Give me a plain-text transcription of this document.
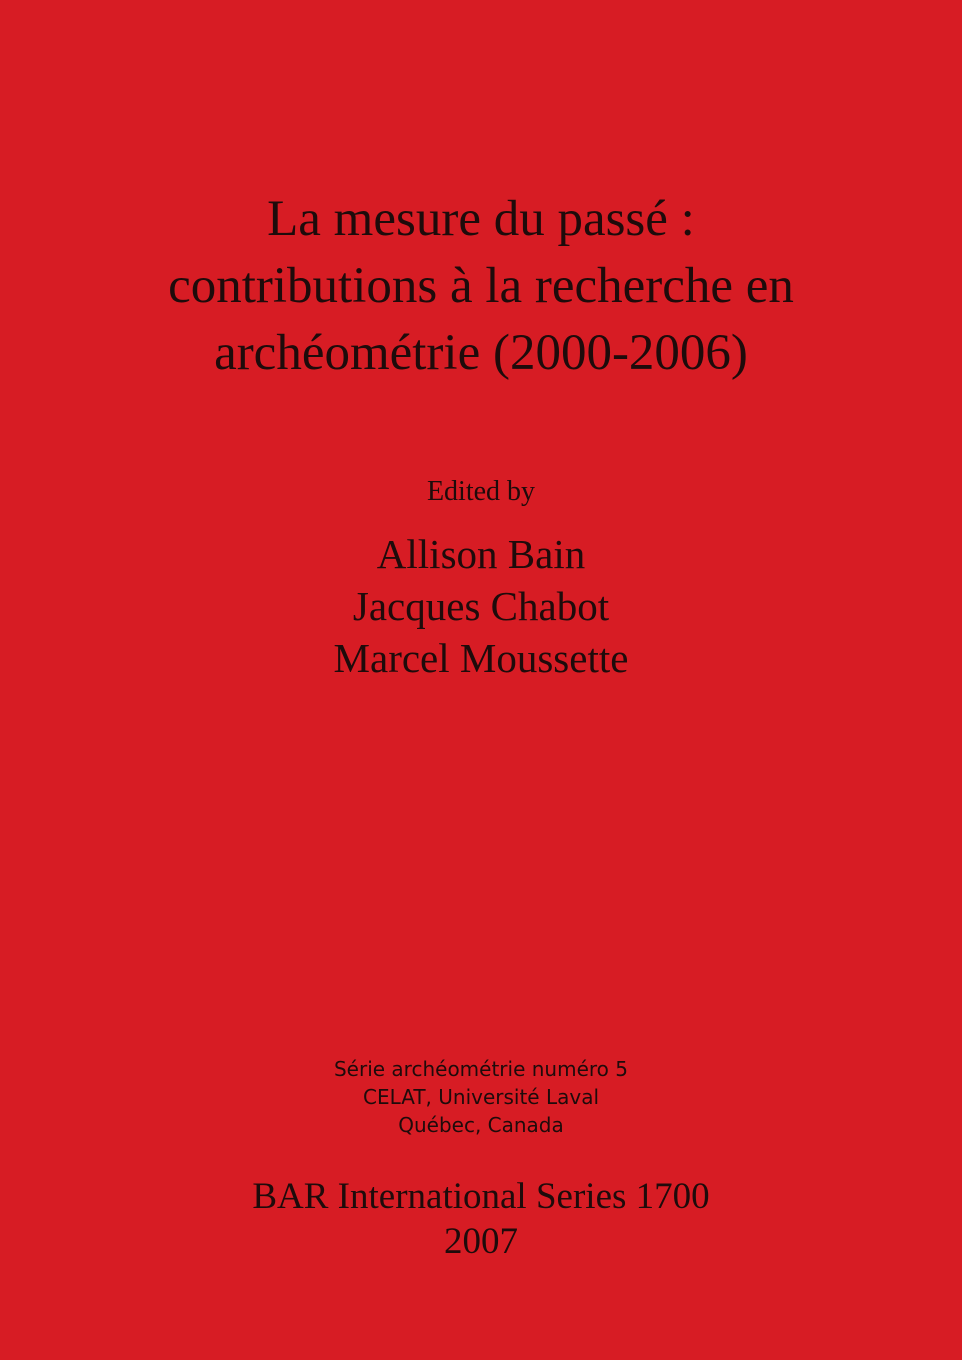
La mesure du passé :
contributions à la recherche en
archéométrie (2000-2006)
Edited by
Allison Bain
Jacques Chabot
Marcel Moussette
Série archéométrie numéro 5
CELAT, Université Laval
Québec, Canada
BAR International Series 1700
2007
